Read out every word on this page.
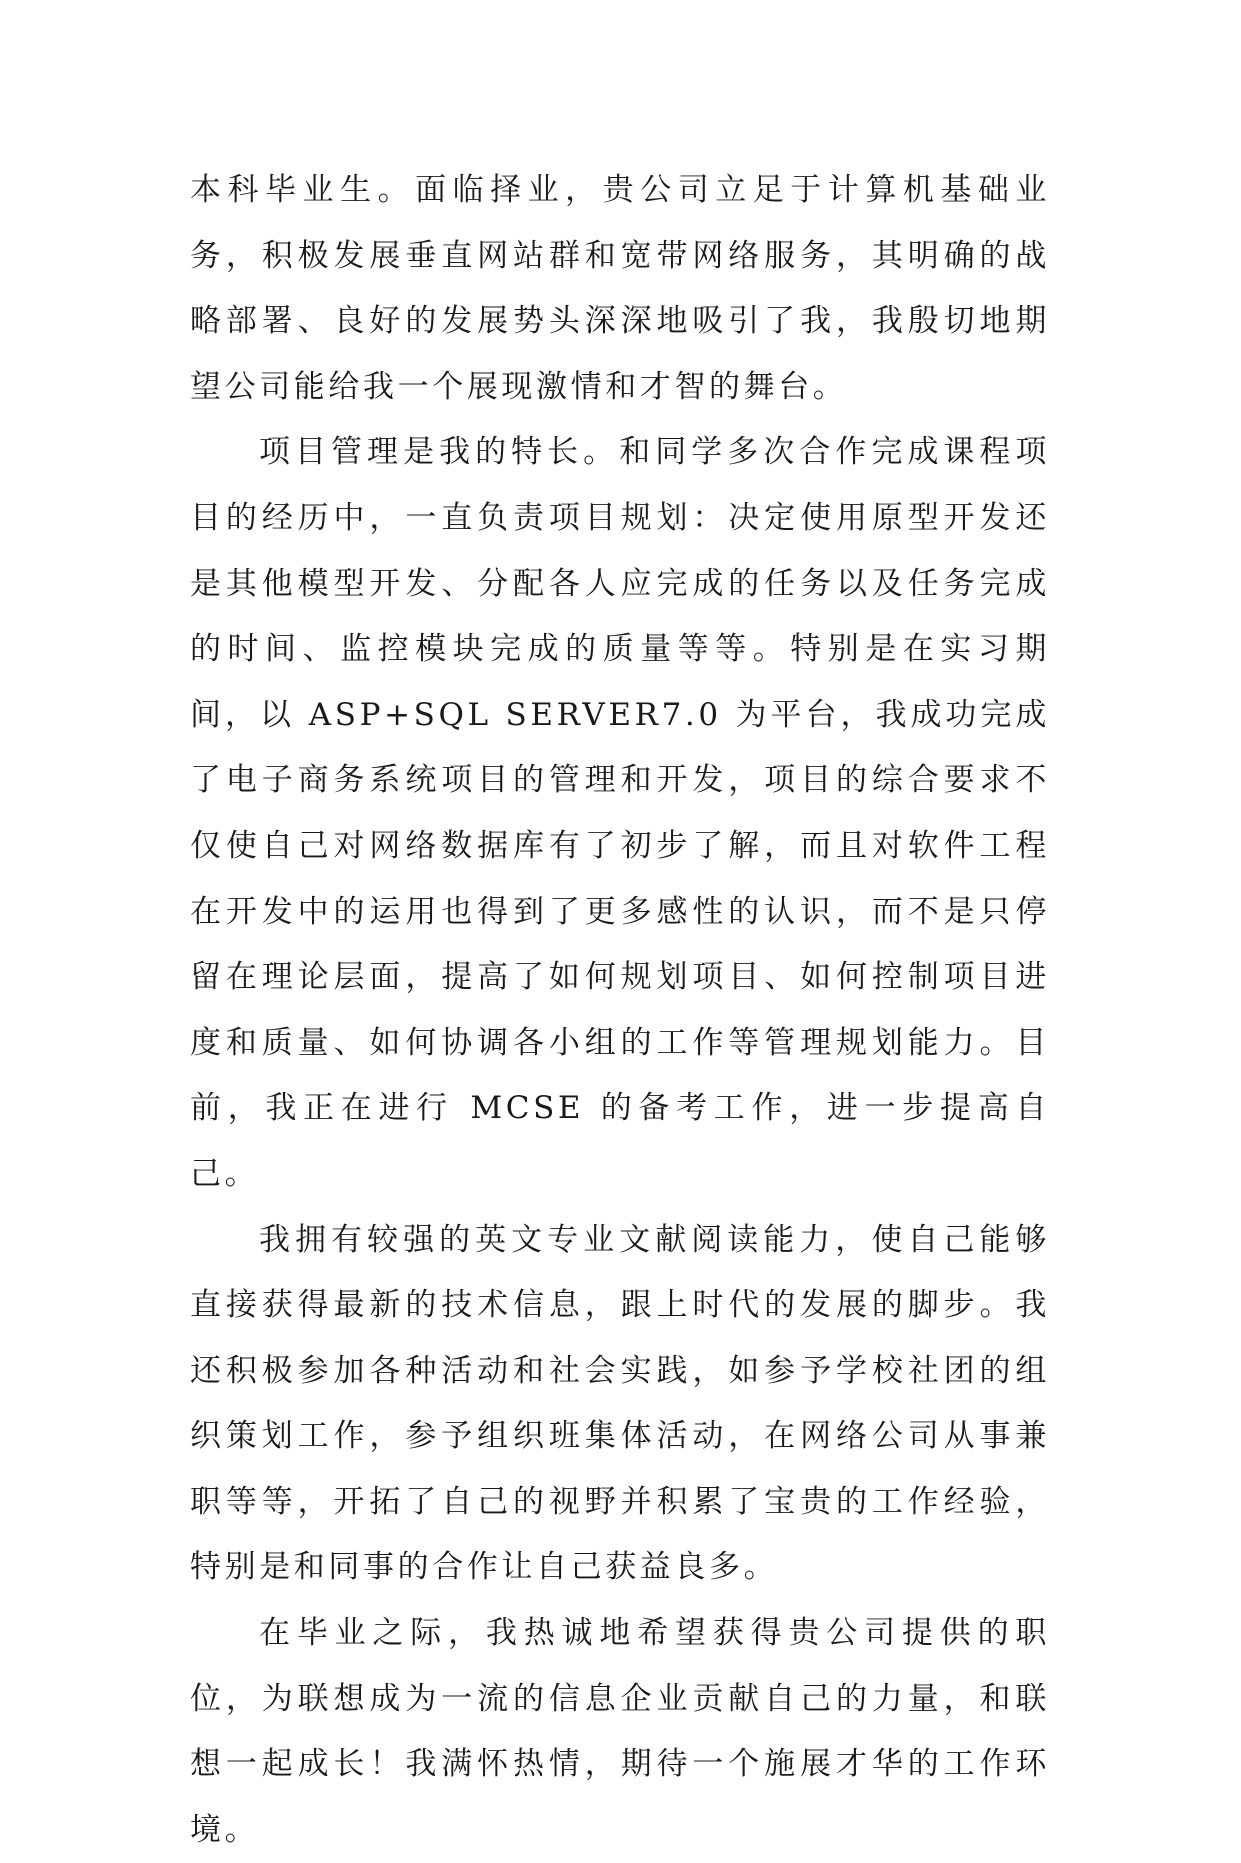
本科毕业生。面临择业，贵公司立足于计算机基础业务，积极发展垂直网站群和宽带网络服务，其明确的战略部署、良好的发展势头深深地吸引了我，我殷切地期望公司能给我一个展现激情和才智的舞台。

项目管理是我的特长。和同学多次合作完成课程项目的经历中，一直负责项目规划：决定使用原型开发还是其他模型开发、分配各人应完成的任务以及任务完成的时间、监控模块完成的质量等等。特别是在实习期间，以 ASP+SQL SERVER7.0 为平台，我成功完成了电子商务系统项目的管理和开发，项目的综合要求不仅使自己对网络数据库有了初步了解，而且对软件工程在开发中的运用也得到了更多感性的认识，而不是只停留在理论层面，提高了如何规划项目、如何控制项目进度和质量、如何协调各小组的工作等管理规划能力。目前，我正在进行 MCSE 的备考工作，进一步提高自己。

我拥有较强的英文专业文献阅读能力，使自己能够直接获得最新的技术信息，跟上时代的发展的脚步。我还积极参加各种活动和社会实践，如参予学校社团的组织策划工作，参予组织班集体活动，在网络公司从事兼职等等，开拓了自己的视野并积累了宝贵的工作经验，特别是和同事的合作让自己获益良多。

在毕业之际，我热诚地希望获得贵公司提供的职位，为联想成为一流的信息企业贡献自己的力量，和联想一起成长！我满怀热情，期待一个施展才华的工作环境。
